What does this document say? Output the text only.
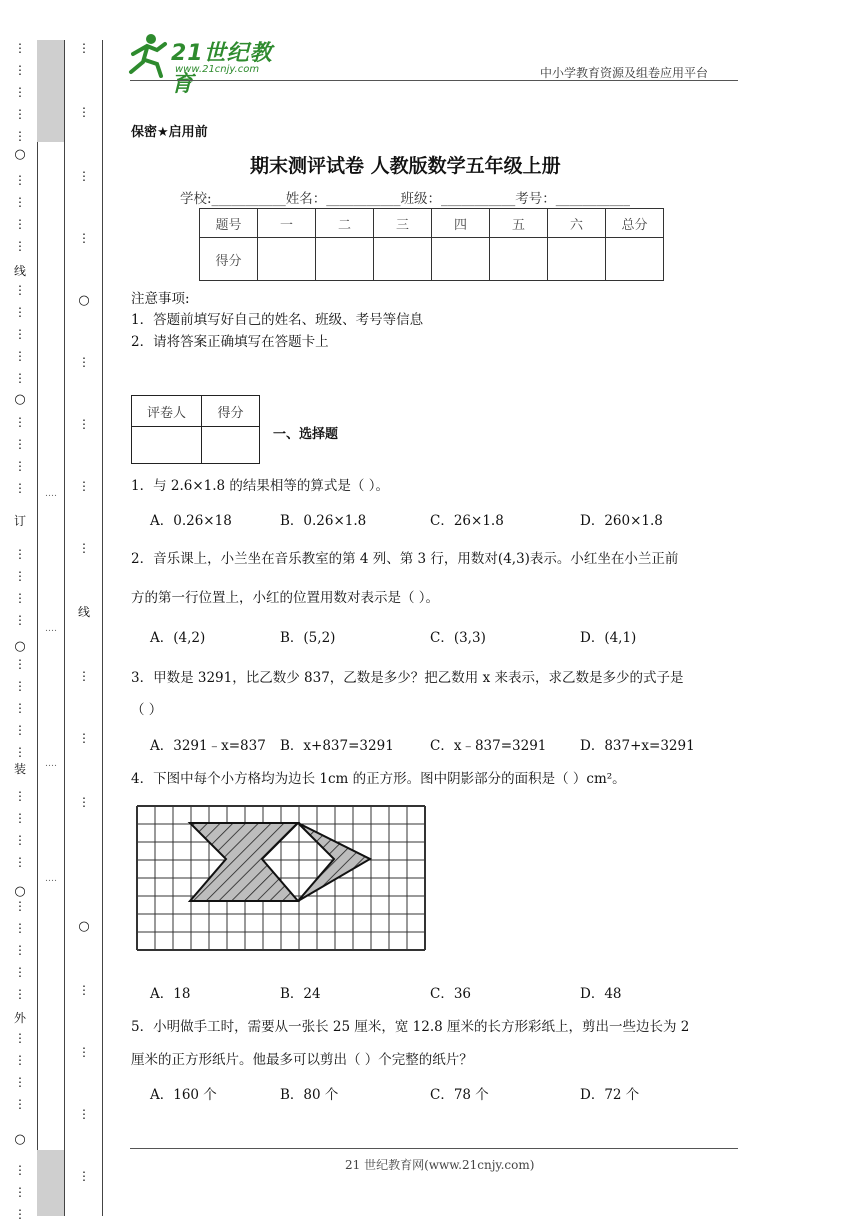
⋮
⋮
⋮
⋮
⋮
⋮
⋮
⋮
⋮
⋮
⋮
⋮
⋮
⋮
⋮
⋮
⋮
⋮
⋮
⋮
⋮
⋮
⋮
⋮
⋮
⋮
⋮
⋮
⋮
⋮
⋮
⋮
⋮
⋮
⋮
⋮
⋮
⋮
⋮
⋮
⋮
⋮
⋮
○
线
○
订
○
装
○
外
○
⋮
⋮
⋮
⋮
⋮
⋮
⋮
⋮
⋮
⋮
⋮
⋮
⋮
⋮
⋮
○
线
○
‥‥
‥‥
‥‥
‥‥
21世纪教育
www.21cnjy.com	中小学教育资源及组卷应用平台
保密★启用前
期末测评试卷 人教版数学五年级上册
学校:___________姓名：___________班级：___________考号：___________
题号	一	二	三	四	五	六	总分
得分							
注意事项:
1．答题前填写好自己的姓名、班级、考号等信息
2．请将答案正确填写在答题卡上
评卷人	得分

一、选择题
1．与 2.6×1.8 的结果相等的算式是（ ）。
A．0.26×18	B．0.26×1.8	C．26×1.8	D．260×1.8
2．音乐课上，小兰坐在音乐教室的第 4 列、第 3 行，用数对(4,3)表示。小红坐在小兰正前
方的第一行位置上，小红的位置用数对表示是（ ）。
A．(4,2)	B．(5,2)	C．(3,3)	D．(4,1)
3．甲数是 3291，比乙数少 837，乙数是多少？把乙数用 x 来表示，求乙数是多少的式子是
（ ）
A．3291﹣x=837 B．x+837=3291	C．x﹣837=3291 D．837+x=3291
4．下图中每个小方格均为边长 1cm 的正方形。图中阴影部分的面积是（ ）cm²。
A．18	B．24	C．36	D．48
5．小明做手工时，需要从一张长 25 厘米，宽 12.8 厘米的长方形彩纸上，剪出一些边长为 2
厘米的正方形纸片。他最多可以剪出（ ）个完整的纸片？
A．160 个	B．80 个	C．78 个	D．72 个
21 世纪教育网(www.21cnjy.com)
